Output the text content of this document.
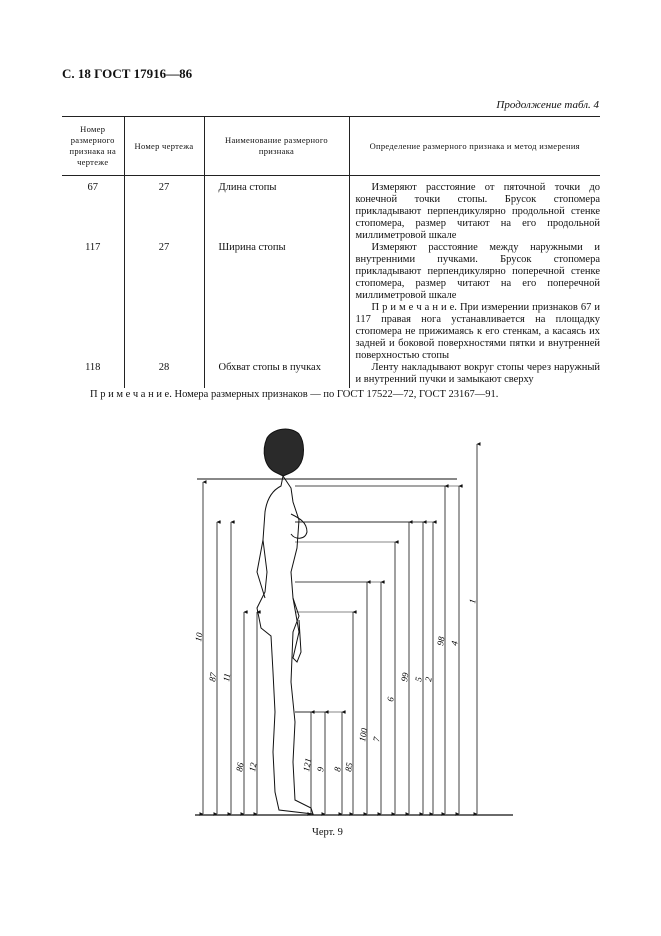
С. 18 ГОСТ 17916—86
Продолжение табл. 4
Номер размерного признака на чертеже	Номер чертежа	Наименование размерного признака	Определение размерного признака и метод измерения
67	27	Длина стопы	Измеряют расстояние от пяточной точки до конечной точки стопы. Брусок стопомера прикладывают перпендикулярно продольной стенке стопомера, размер читают на его продольной миллиметровой шкале

117	27	Ширина стопы	Измеряют расстояние между наружными и внутренними пучками. Брусок стопомера прикладывают перпендикулярно поперечной стенке стопомера, размер читают на его поперечной миллиметровой шкале
П р и м е ч а н и е. При измерении признаков 67 и 117 правая нога устанавливается на площадку стопомера не прижимаясь к его стенкам, а касаясь их задней и боковой поверхностями пятки и внутренней поверхностью стопы

118	28	Обхват стопы в пучках	Ленту накладывают вокруг стопы через наружный и внутренний пучки и замыкают сверху
П р и м е ч а н и е. Номера размерных признаков — по ГОСТ 17522—72, ГОСТ 23167—91.
10
87 11
86 12	121 9 8 85
100 7
6
99 5 2
98 4
1
Черт. 9
